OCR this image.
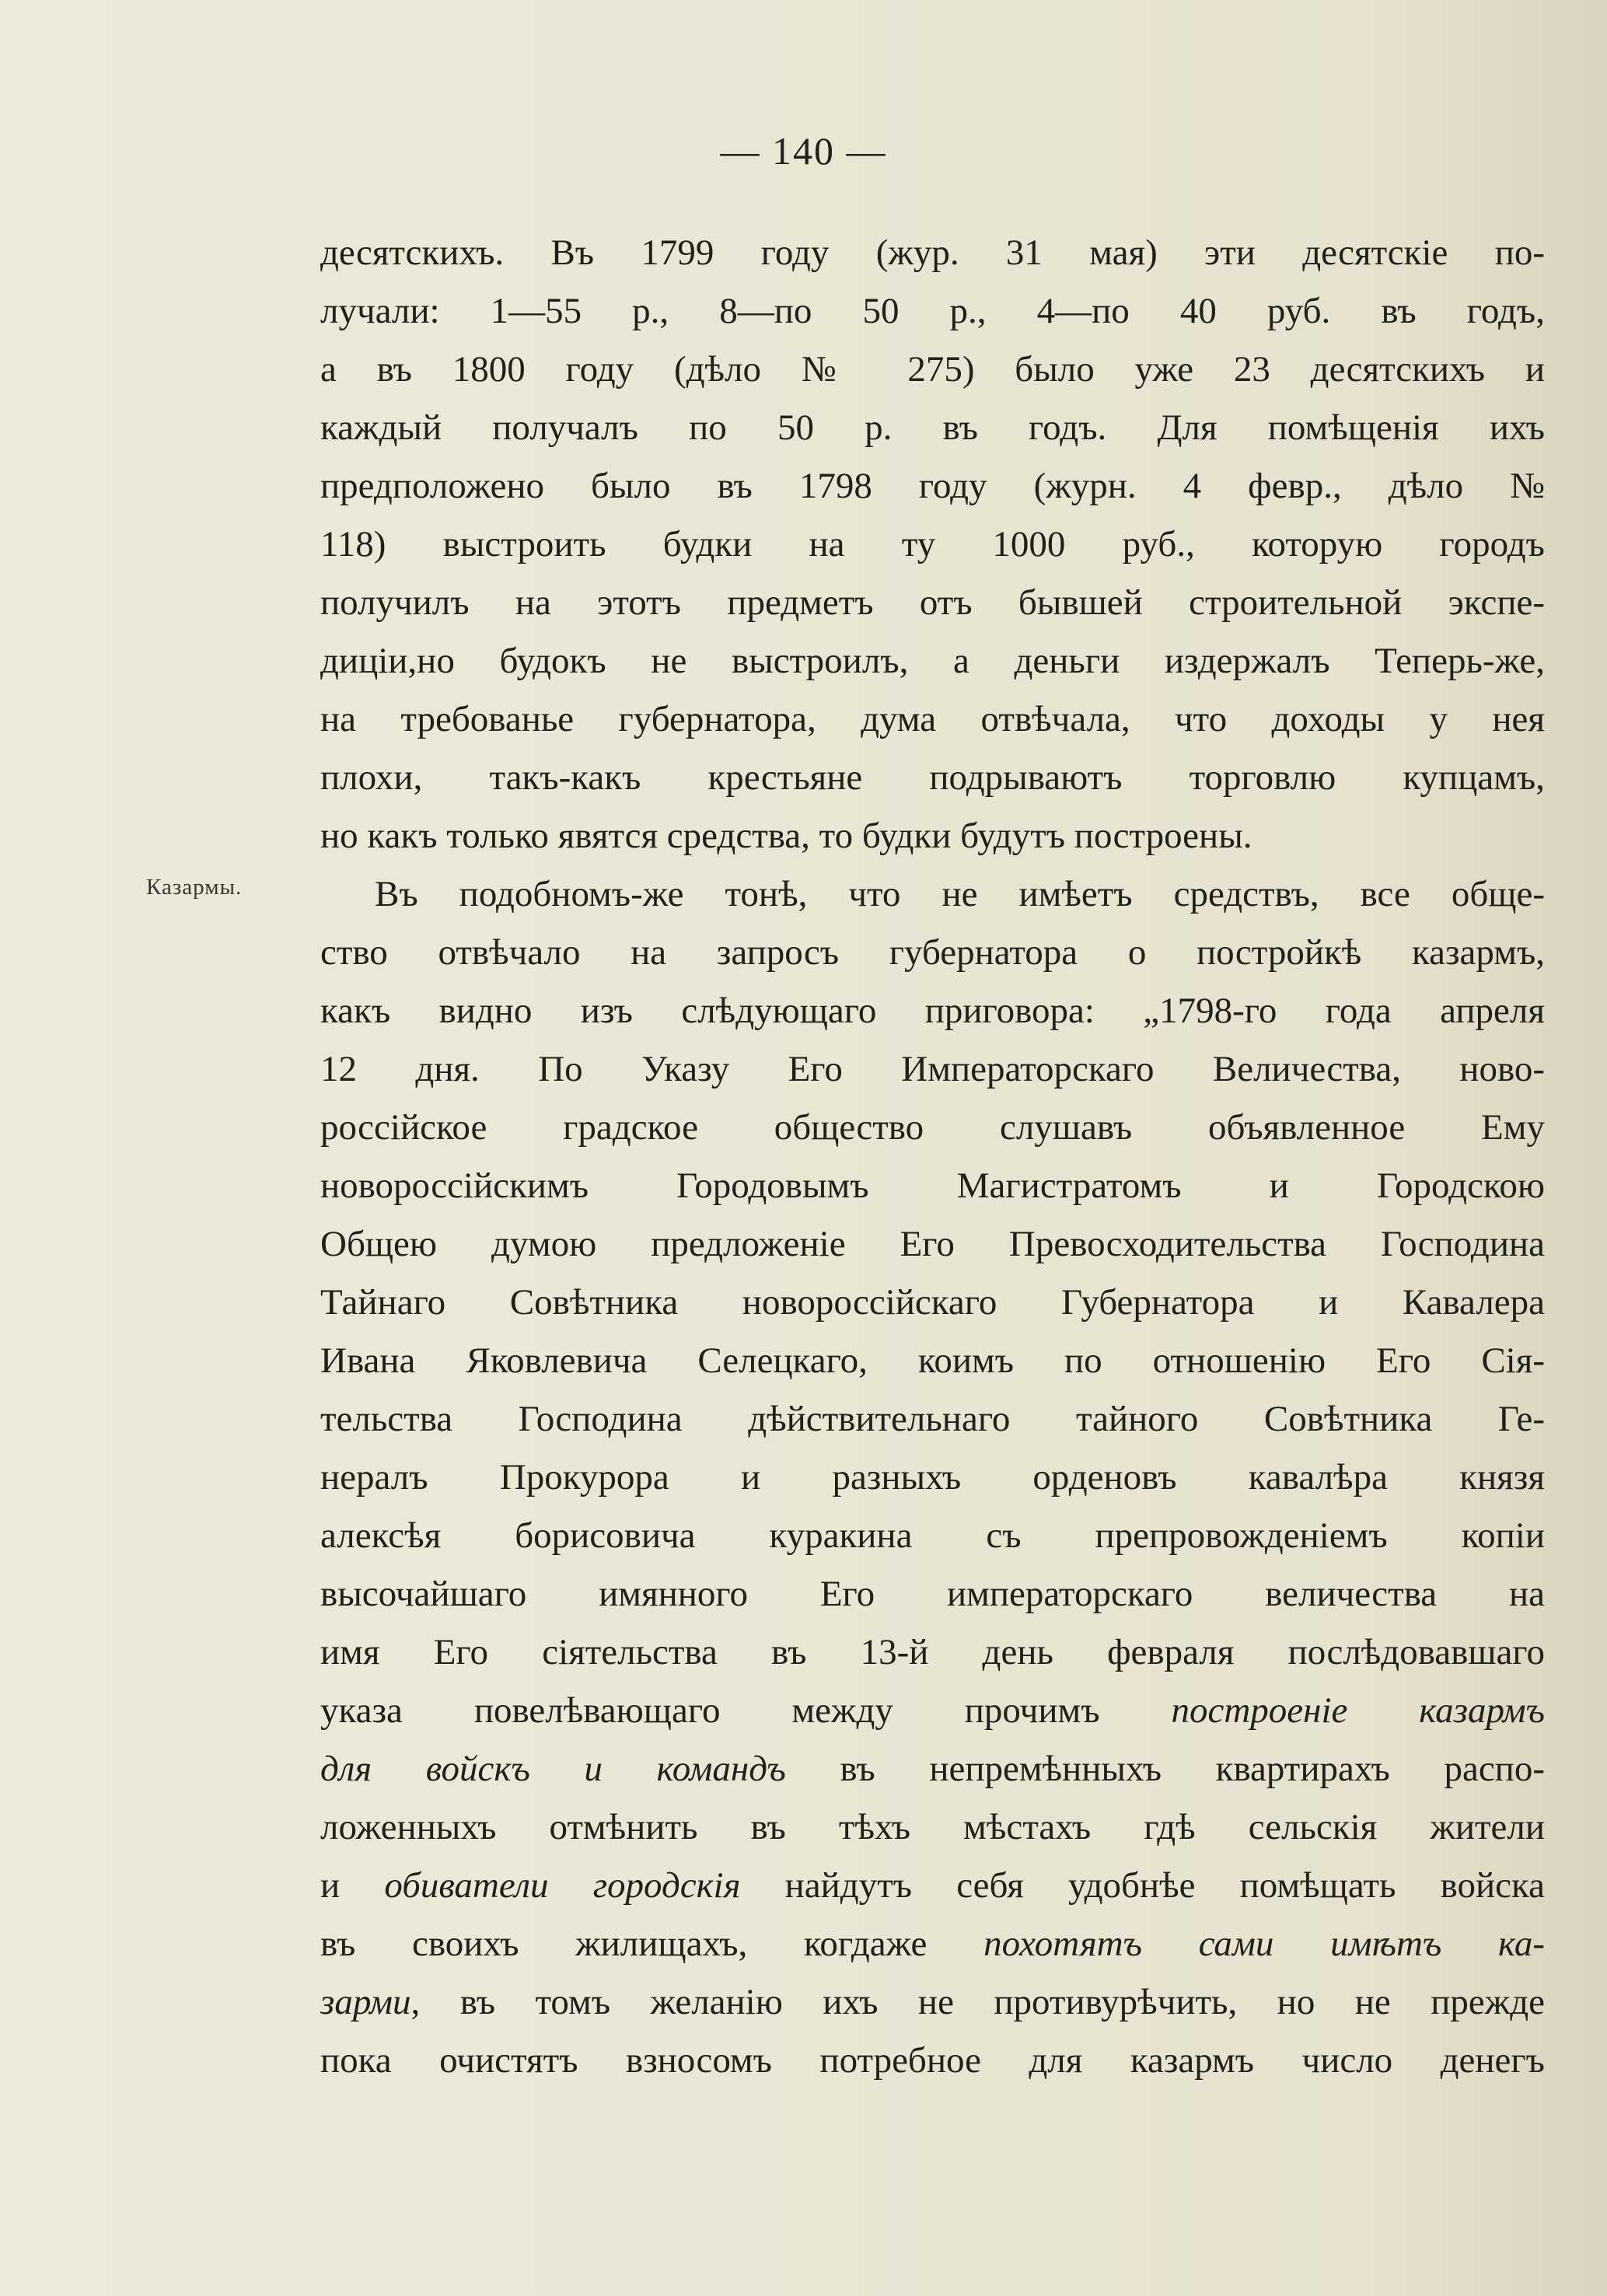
— 140 —
Казармы.
десятскихъ. Въ 1799 году (жур. 31 мая) эти десятскіе по-
лучали: 1—55 р., 8—по 50 р., 4—по 40 руб. въ годъ,
а въ 1800 году (дѣло № 275) было уже 23 десятскихъ и
каждый получалъ по 50 р. въ годъ. Для помѣщенія ихъ
предположено было въ 1798 году (журн. 4 февр., дѣло №
118) выстроить будки на ту 1000 руб., которую городъ
получилъ на этотъ предметъ отъ бывшей строительной экспе-
диціи,но будокъ не выстроилъ, а деньги издержалъ Теперь-же,
на требованье губернатора, дума отвѣчала, что доходы у нея
плохи, такъ-какъ крестьяне подрываютъ торговлю купцамъ,
но какъ только явятся средства, то будки будутъ построены.
Въ подобномъ-же тонѣ, что не имѣетъ средствъ, все обще-
ство отвѣчало на запросъ губернатора о постройкѣ казармъ,
какъ видно изъ слѣдующаго приговора: „1798-го года апреля
12 дня. По Указу Его Императорскаго Величества, ново-
россійское градское общество слушавъ объявленное Ему
новороссійскимъ Городовымъ Магистратомъ и Городскою
Общею думою предложеніе Его Превосходительства Господина
Тайнаго Совѣтника новороссійскаго Губернатора и Кавалера
Ивана Яковлевича Селецкаго, коимъ по отношенію Его Сія-
тельства Господина дѣйствительнаго тайного Совѣтника Ге-
нералъ Прокурора и разныхъ орденовъ кавалѣра князя
алексѣя борисовича куракина съ препровожденіемъ копіи
высочайшаго имянного Его императорскаго величества на
имя Его сіятельства въ 13-й день февраля послѣдовавшаго
указа повелѣвающаго между прочимъ построеніе казармъ
для войскъ и командъ въ непремѣнныхъ квартирахъ распо-
ложенныхъ отмѣнить въ тѣхъ мѣстахъ гдѣ сельскія жители
и обиватели городскія найдутъ себя удобнѣе помѣщать войска
въ своихъ жилищахъ, когдаже похотятъ сами имѣтъ ка-
зарми, въ томъ желанію ихъ не противурѣчить, но не прежде
пока очистятъ взносомъ потребное для казармъ число денегъ
